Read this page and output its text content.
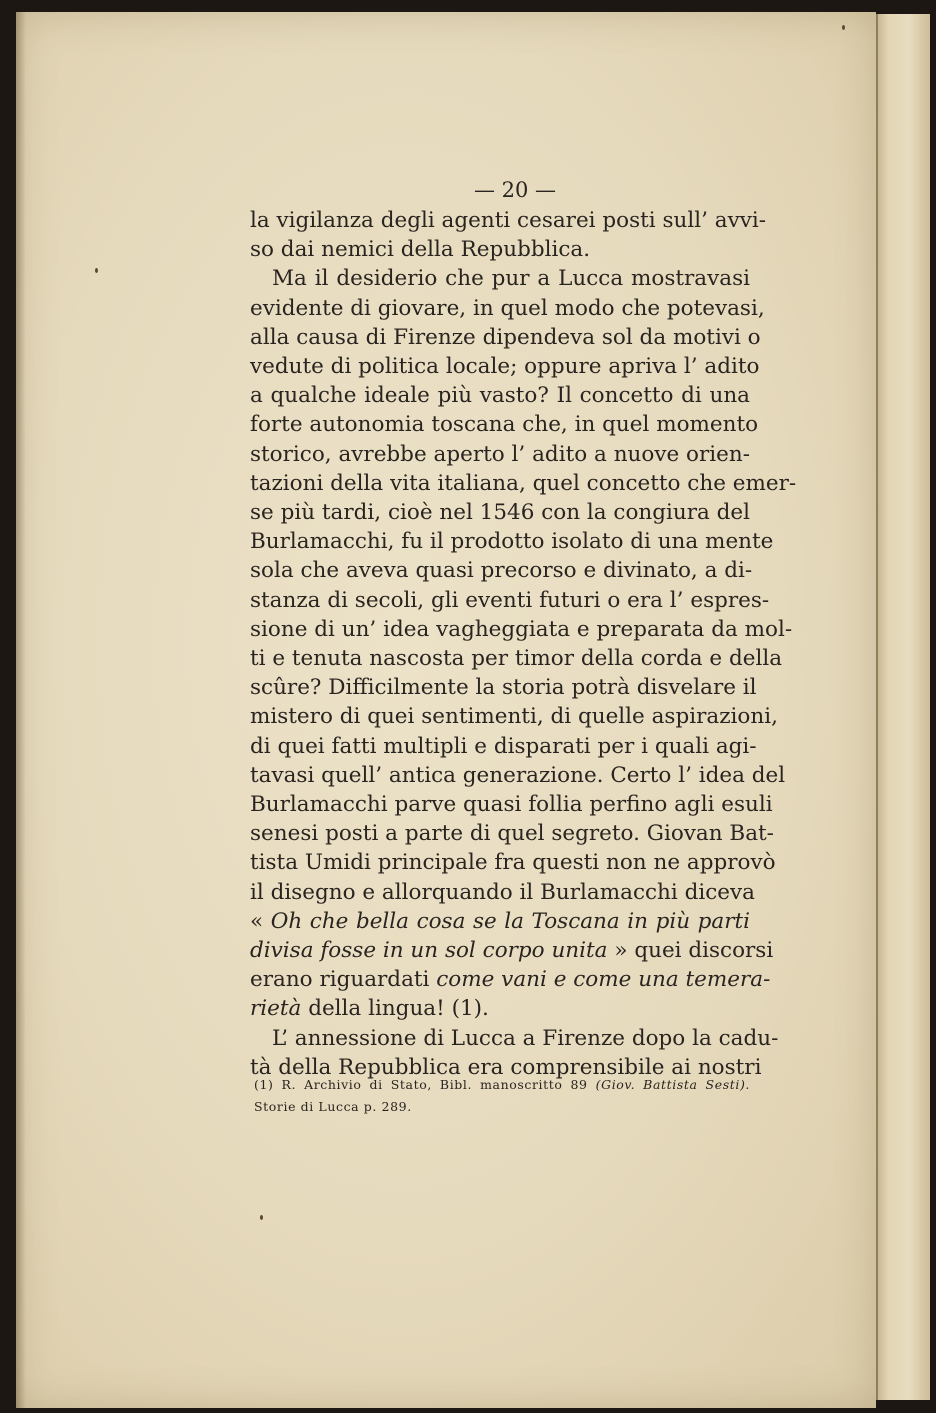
— 20 —
la vigilanza degli agenti cesarei posti sull’ avvi-
so dai nemici della Repubblica.
Ma il desiderio che pur a Lucca mostravasi
evidente di giovare, in quel modo che potevasi,
alla causa di Firenze dipendeva sol da motivi o
vedute di politica locale; oppure apriva l’ adito
a qualche ideale più vasto? Il concetto di una
forte autonomia toscana che, in quel momento
storico, avrebbe aperto l’ adito a nuove orien-
tazioni della vita italiana, quel concetto che emer-
se più tardi, cioè nel 1546 con la congiura del
Burlamacchi, fu il prodotto isolato di una mente
sola che aveva quasi precorso e divinato, a di-
stanza di secoli, gli eventi futuri o era l’ espres-
sione di un’ idea vagheggiata e preparata da mol-
ti e tenuta nascosta per timor della corda e della
scûre? Difficilmente la storia potrà disvelare il
mistero di quei sentimenti, di quelle aspirazioni,
di quei fatti multipli e disparati per i quali agi-
tavasi quell’ antica generazione. Certo l’ idea del
Burlamacchi parve quasi follia perfino agli esuli
senesi posti a parte di quel segreto. Giovan Bat-
tista Umidi principale fra questi non ne approvò
il disegno e allorquando il Burlamacchi diceva
« Oh che bella cosa se la Toscana in più parti
divisa fosse in un sol corpo unita » quei discorsi
erano riguardati come vani e come una temera-
rietà della lingua! (1).
L’ annessione di Lucca a Firenze dopo la cadu-
tà della Repubblica era comprensibile ai nostri
(1) R. Archivio di Stato, Bibl. manoscritto 89 (Giov. Battista Sesti).
Storie di Lucca p. 289.
